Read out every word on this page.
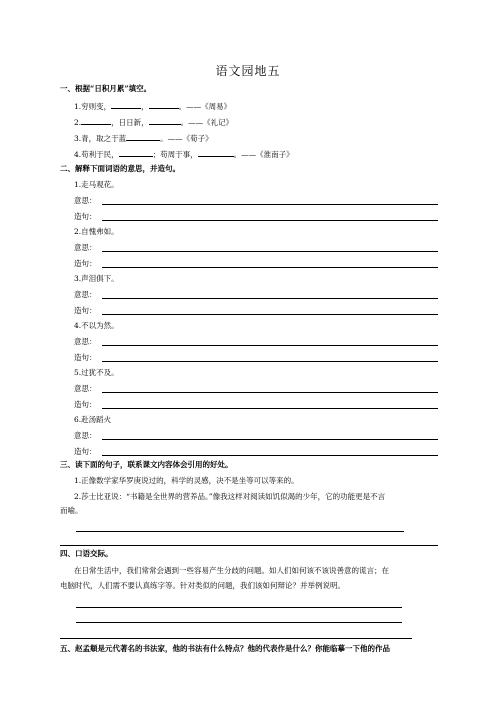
语文园地五
一、根据“日积月累”填空。
1.穷则变，	，	。——《周易》
2.	，日日新，	。——《礼记》
3.青，取之于蓝	。——《荀子》
4.苟利于民，	；苟周于事，	。——《淮南子》
二、解释下面词语的意思，并造句。
1.走马观花。
意思：
造句：
2.自愧弗如。
意思：
造句：
3.声泪俱下。
意思：
造句：
4.不以为然。
意思：
造句：
5.过犹不及。
意思：
造句：
6.赴汤蹈火
意思：
造句：
三、读下面的句子，联系课文内容体会引用的好处。
1.正像数学家华罗庚说过的，科学的灵感，决不是坐等可以等来的。
2.莎士比亚说：“书籍是全世界的营养品。”像我这样对阅读如饥似渴的少年，它的功能更是不言
而喻。
四、口语交际。
在日常生活中，我们常常会遇到一些容易产生分歧的问题。如人们如何该不该说善意的谎言；在
电脑时代，人们需不要认真练字等。针对类似的问题，我们该如何辩论？并举例说明。
五、赵孟頫是元代著名的书法家，他的书法有什么特点？他的代表作是什么？你能临摹一下他的作品
